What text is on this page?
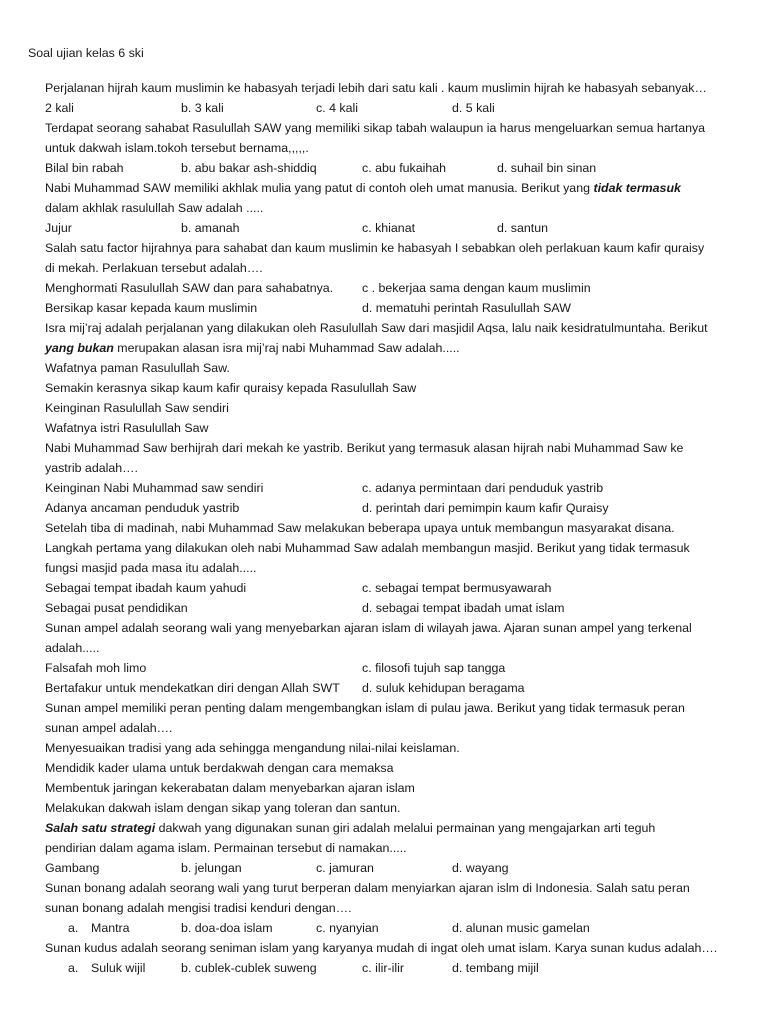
Soal ujian kelas 6 ski
Perjalanan hijrah kaum muslimin ke habasyah terjadi lebih dari satu kali . kaum muslimin hijrah ke habasyah sebanyak…
2 kali	b. 3 kali	c. 4 kali	d. 5 kali
Terdapat seorang sahabat Rasulullah SAW yang memiliki sikap tabah walaupun ia harus mengeluarkan semua hartanya
untuk dakwah islam.tokoh tersebut bernama,,,,,.
Bilal bin rabah	b. abu bakar ash-shiddiq	c. abu fukaihah	d. suhail bin sinan
Nabi Muhammad SAW memiliki akhlak mulia yang patut di contoh oleh umat manusia. Berikut yang tidak termasuk
dalam akhlak rasulullah Saw adalah .....
Jujur	b. amanah	c. khianat	d. santun
Salah satu factor hijrahnya para sahabat dan kaum muslimin ke habasyah I sebabkan oleh perlakuan kaum kafir quraisy
di mekah. Perlakuan tersebut adalah….
Menghormati Rasulullah SAW dan para sahabatnya. c . bekerjaa sama dengan kaum muslimin
Bersikap kasar kepada kaum muslimin	d. mematuhi perintah Rasulullah SAW
Isra mij’raj adalah perjalanan yang dilakukan oleh Rasulullah Saw dari masjidil Aqsa, lalu naik kesidratulmuntaha. Berikut
yang bukan merupakan alasan isra mij’raj nabi Muhammad Saw adalah.....
Wafatnya paman Rasulullah Saw.
Semakin kerasnya sikap kaum kafir quraisy kepada Rasulullah Saw
Keinginan Rasulullah Saw sendiri
Wafatnya istri Rasulullah Saw
Nabi Muhammad Saw berhijrah dari mekah ke yastrib. Berikut yang termasuk alasan hijrah nabi Muhammad Saw ke
yastrib adalah….
Keinginan Nabi Muhammad saw sendiri	c. adanya permintaan dari penduduk yastrib
Adanya ancaman penduduk yastrib	d. perintah dari pemimpin kaum kafir Quraisy
Setelah tiba di madinah, nabi Muhammad Saw melakukan beberapa upaya untuk membangun masyarakat disana.
Langkah pertama yang dilakukan oleh nabi Muhammad Saw adalah membangun masjid. Berikut yang tidak termasuk
fungsi masjid pada masa itu adalah.....
Sebagai tempat ibadah kaum yahudi	c. sebagai tempat bermusyawarah
Sebagai pusat pendidikan	d. sebagai tempat ibadah umat islam
Sunan ampel adalah seorang wali yang menyebarkan ajaran islam di wilayah jawa. Ajaran sunan ampel yang terkenal
adalah.....
Falsafah moh limo	c. filosofi tujuh sap tangga
Bertafakur untuk mendekatkan diri dengan Allah SWT d. suluk kehidupan beragama
Sunan ampel memiliki peran penting dalam mengembangkan islam di pulau jawa. Berikut yang tidak termasuk peran
sunan ampel adalah….
Menyesuaikan tradisi yang ada sehingga mengandung nilai-nilai keislaman.
Mendidik kader ulama untuk berdakwah dengan cara memaksa
Membentuk jaringan kekerabatan dalam menyebarkan ajaran islam
Melakukan dakwah islam dengan sikap yang toleran dan santun.
Salah satu strategi dakwah yang digunakan sunan giri adalah melalui permainan yang mengajarkan arti teguh
pendirian dalam agama islam. Permainan tersebut di namakan.....
Gambang	b. jelungan	c. jamuran	d. wayang
Sunan bonang adalah seorang wali yang turut berperan dalam menyiarkan ajaran islm di Indonesia. Salah satu peran
sunan bonang adalah mengisi tradisi kenduri dengan….
a. Mantra	b. doa-doa islam	c. nyanyian	d. alunan music gamelan
Sunan kudus adalah seorang seniman islam yang karyanya mudah di ingat oleh umat islam. Karya sunan kudus adalah….
a. Suluk wijil	b. cublek-cublek suweng	c. ilir-ilir	d. tembang mijil
